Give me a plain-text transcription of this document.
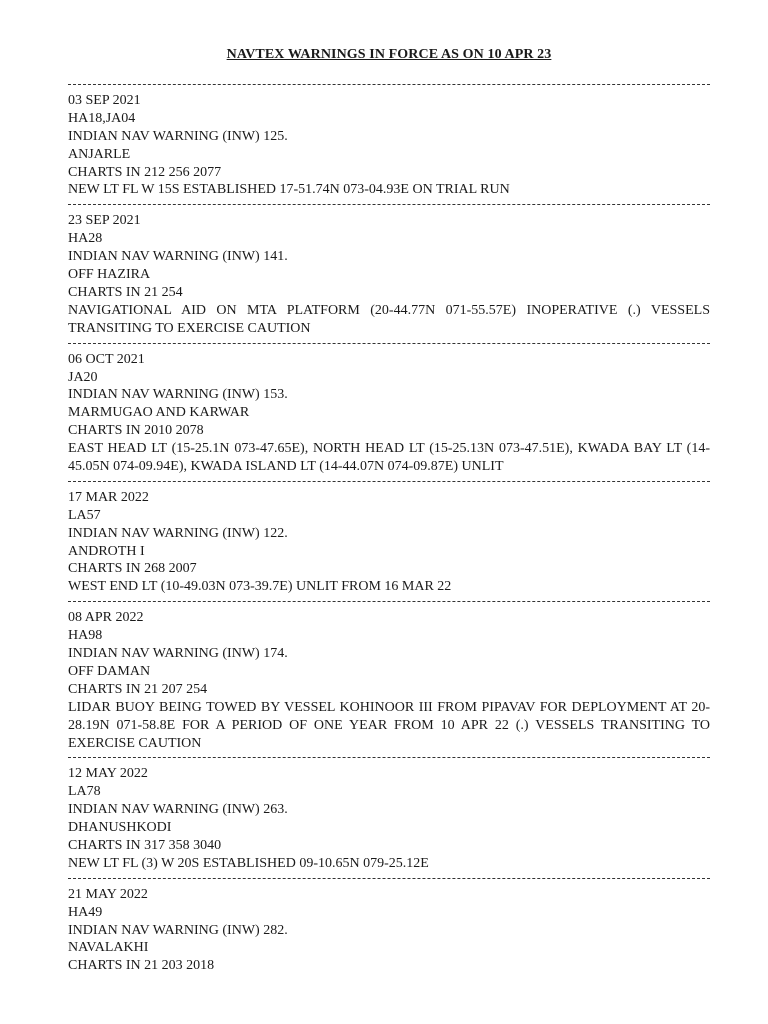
NAVTEX WARNINGS IN FORCE AS ON 10 APR 23
03 SEP 2021
HA18,JA04
INDIAN NAV WARNING (INW) 125.
ANJARLE
CHARTS IN 212 256 2077
NEW LT FL W 15S ESTABLISHED 17-51.74N 073-04.93E ON TRIAL RUN
23 SEP 2021
HA28
INDIAN NAV WARNING (INW) 141.
OFF HAZIRA
CHARTS IN 21 254
NAVIGATIONAL AID ON MTA PLATFORM (20-44.77N 071-55.57E) INOPERATIVE (.) VESSELS TRANSITING TO EXERCISE CAUTION
06 OCT 2021
JA20
INDIAN NAV WARNING (INW) 153.
MARMUGAO AND KARWAR
CHARTS IN 2010 2078
EAST HEAD LT (15-25.1N 073-47.65E), NORTH HEAD LT (15-25.13N 073-47.51E), KWADA BAY LT (14-45.05N 074-09.94E), KWADA ISLAND LT (14-44.07N 074-09.87E) UNLIT
17 MAR 2022
LA57
INDIAN NAV WARNING (INW) 122.
ANDROTH I
CHARTS IN 268 2007
WEST END LT (10-49.03N 073-39.7E) UNLIT FROM 16 MAR 22
08 APR 2022
HA98
INDIAN NAV WARNING (INW) 174.
OFF DAMAN
CHARTS IN 21 207 254
LIDAR BUOY BEING TOWED BY VESSEL KOHINOOR III FROM PIPAVAV FOR DEPLOYMENT AT 20-28.19N 071-58.8E FOR A PERIOD OF ONE YEAR FROM 10 APR 22 (.) VESSELS TRANSITING TO EXERCISE CAUTION
12 MAY 2022
LA78
INDIAN NAV WARNING (INW) 263.
DHANUSHKODI
CHARTS IN 317 358 3040
NEW LT FL (3) W 20S ESTABLISHED 09-10.65N 079-25.12E
21 MAY 2022
HA49
INDIAN NAV WARNING (INW) 282.
NAVALAKHI
CHARTS IN 21 203 2018
